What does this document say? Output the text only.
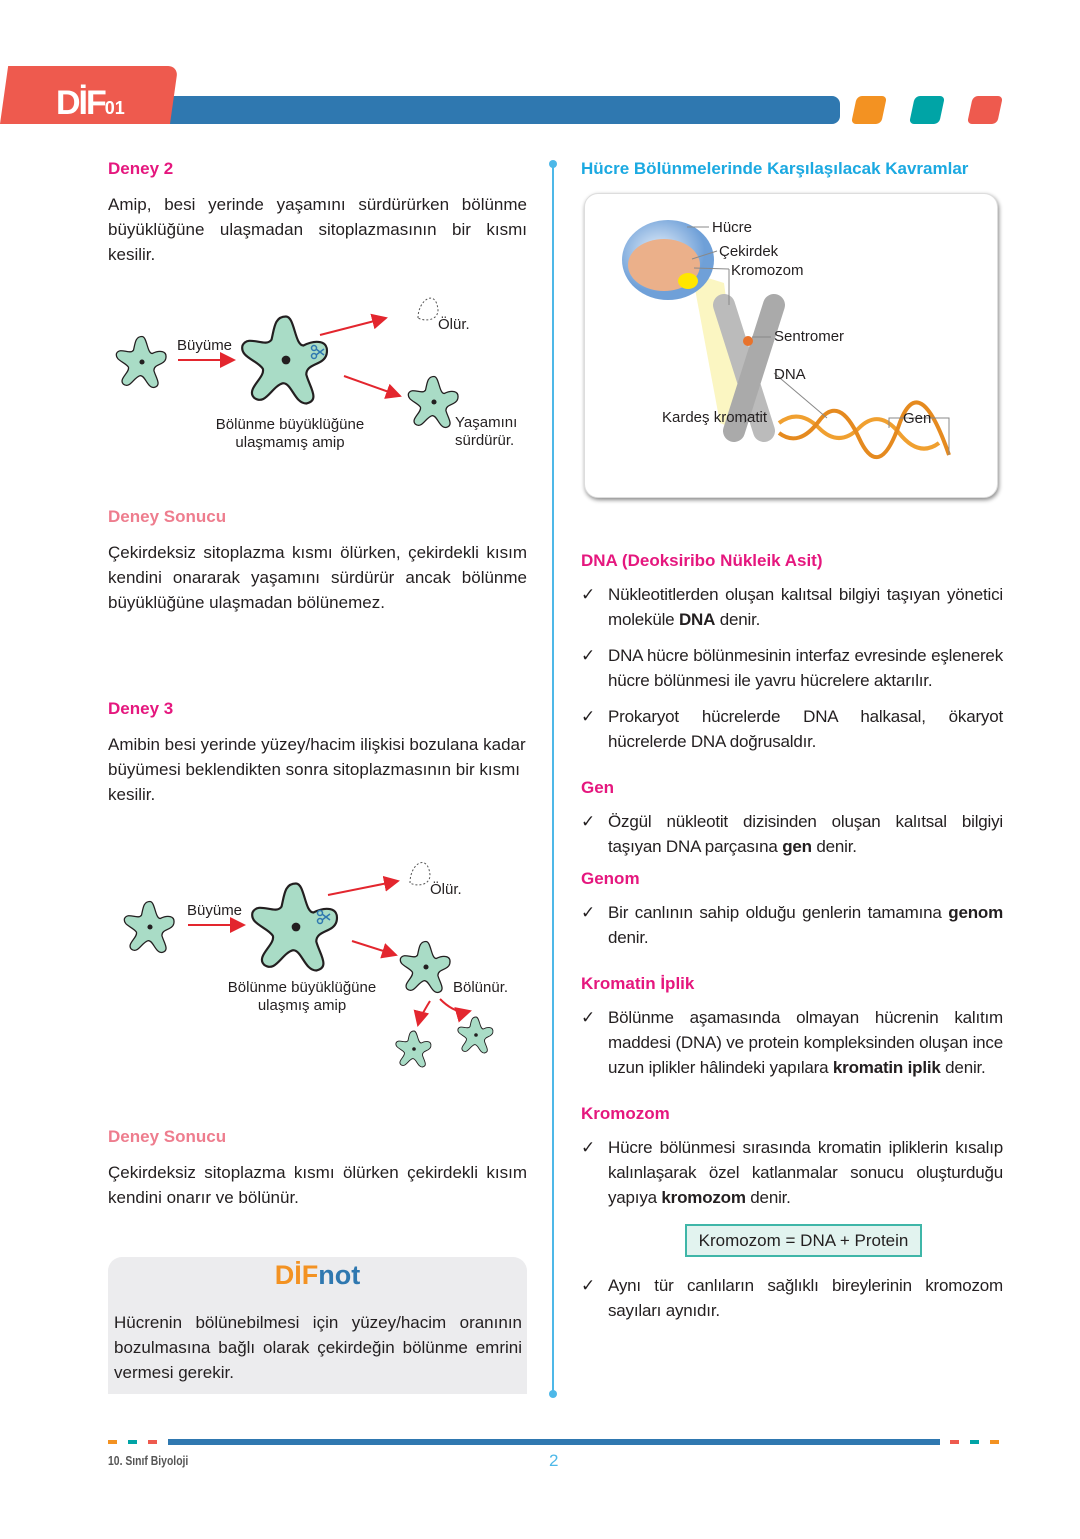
DİF01
Deney 2
Amip, besi yerinde yaşamını sürdürürken bölünme büyüklüğüne ulaşmadan sitoplazmasının bir kısmı kesilir.
Büyüme
Ölür.
Yaşamını sürdürür.
Bölünme büyüklüğüne ulaşmamış amip
Deney Sonucu
Çekirdeksiz sitoplazma kısmı ölürken, çekirdekli kısım kendini onararak yaşamını sürdürür ancak bölünme büyüklüğüne ulaşmadan bölünemez.
Deney 3
Amibin besi yerinde yüzey/hacim ilişkisi bozulana kadar büyümesi beklendikten sonra sitoplazmasının bir kısmı kesilir.
Büyüme
Ölür.
Bölünür.
Bölünme büyüklüğüne ulaşmış amip
Deney Sonucu
Çekirdeksiz sitoplazma kısmı ölürken çekirdekli kısım kendini onarır ve bölünür.
DİFnot
Hücrenin bölünebilmesi için yüzey/hacim oranının bozulmasına bağlı olarak çekirdeğin bölünme emrini vermesi gerekir.
Hücre Bölünmelerinde Karşılaşılacak Kavramlar
Hücre
Çekirdek
Kromozom
Sentromer
DNA
Kardeş kromatit	Gen
DNA (Deoksiribo Nükleik Asit)
✓ Nükleotitlerden oluşan kalıtsal bilgiyi taşıyan yönetici moleküle DNA denir.
✓ DNA hücre bölünmesinin interfaz evresinde eşlenerek hücre bölünmesi ile yavru hücrelere aktarılır.
✓ Prokaryot hücrelerde DNA halkasal, ökaryot hücrelerde DNA doğrusaldır.
Gen
✓ Özgül nükleotit dizisinden oluşan kalıtsal bilgiyi taşıyan DNA parçasına gen denir.
Genom
✓ Bir canlının sahip olduğu genlerin tamamına genom denir.
Kromatin İplik
✓ Bölünme aşamasında olmayan hücrenin kalıtım maddesi (DNA) ve protein kompleksinden oluşan ince uzun iplikler hâlindeki yapılara kromatin iplik denir.
Kromozom
✓ Hücre bölünmesi sırasında kromatin ipliklerin kısalıp kalınlaşarak özel katlanmalar sonucu oluşturduğu yapıya kromozom denir.
Kromozom = DNA + Protein
✓ Aynı tür canlıların sağlıklı bireylerinin kromozom sayıları aynıdır.
10. Sınıf Biyoloji	2
